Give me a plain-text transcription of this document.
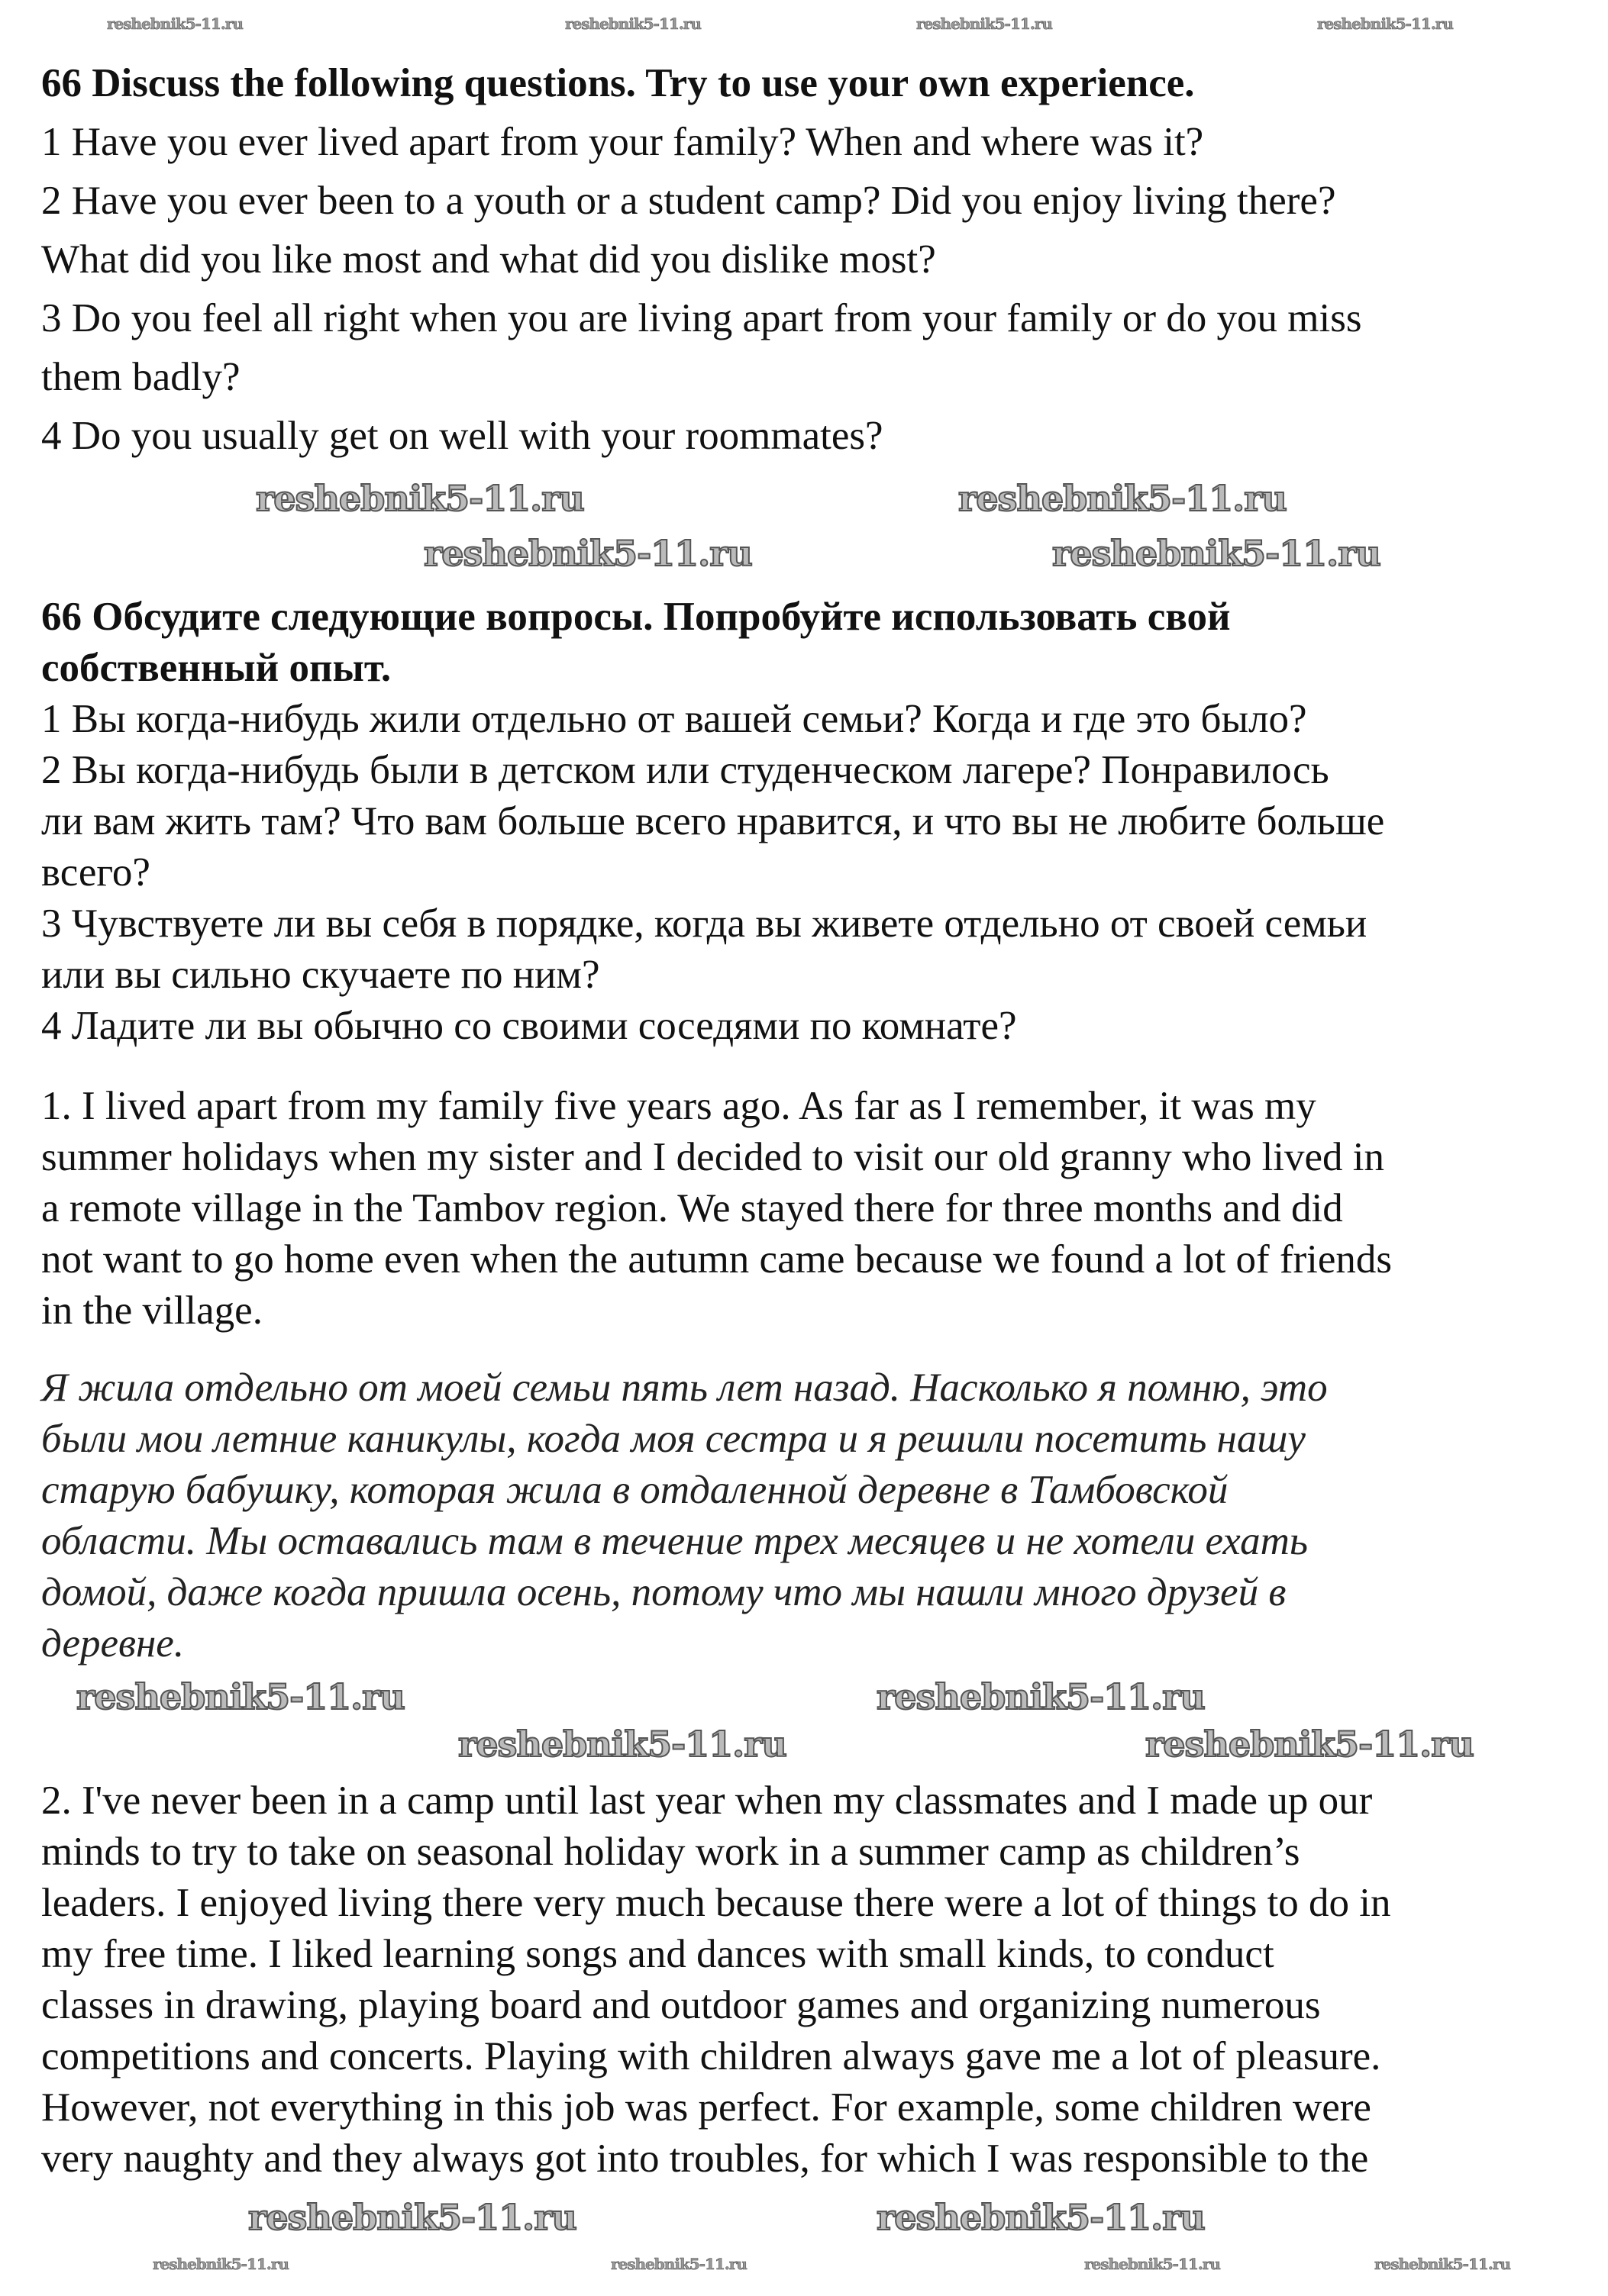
66 Discuss the following questions. Try to use your own experience.
1 Have you ever lived apart from your family? When and where was it?
2 Have you ever been to a youth or a student camp? Did you enjoy living there?
What did you like most and what did you dislike most?
3 Do you feel all right when you are living apart from your family or do you miss
them badly?
4 Do you usually get on well with your roommates?
66 Обсудите следующие вопросы. Попробуйте использовать свой
собственный опыт.
1 Вы когда-нибудь жили отдельно от вашей семьи? Когда и где это было?
2 Вы когда-нибудь были в детском или студенческом лагере? Понравилось
ли вам жить там? Что вам больше всего нравится, и что вы не любите больше
всего?
3 Чувствуете ли вы себя в порядке, когда вы живете отдельно от своей семьи
или вы сильно скучаете по ним?
4 Ладите ли вы обычно со своими соседями по комнате?
1. I lived apart from my family five years ago. As far as I remember, it was my
summer holidays when my sister and I decided to visit our old granny who lived in
a remote village in the Tambov region. We stayed there for three months and did
not want to go home even when the autumn came because we found a lot of friends
in the village.
Я жила отдельно от моей семьи пять лет назад. Насколько я помню, это
были мои летние каникулы, когда моя сестра и я решили посетить нашу
старую бабушку, которая жила в отдаленной деревне в Тамбовской
области. Мы оставались там в течение трех месяцев и не хотели ехать
домой, даже когда пришла осень, потому что мы нашли много друзей в
деревне.
2. I've never been in a camp until last year when my classmates and I made up our
minds to try to take on seasonal holiday work in a summer camp as children’s
leaders. I enjoyed living there very much because there were a lot of things to do in
my free time. I liked learning songs and dances with small kinds, to conduct
classes in drawing, playing board and outdoor games and organizing numerous
competitions and concerts. Playing with children always gave me a lot of pleasure.
However, not everything in this job was perfect. For example, some children were
very naughty and they always got into troubles, for which I was responsible to the
reshebnik5-11.ru	reshebnik5-11.ru	reshebnik5-11.ru	reshebnik5-11.ru
reshebnik5-11.ru	reshebnik5-11.ru
reshebnik5-11.ru	reshebnik5-11.ru
reshebnik5-11.ru	reshebnik5-11.ru
reshebnik5-11.ru	reshebnik5-11.ru
reshebnik5-11.ru	reshebnik5-11.ru
reshebnik5-11.ru	reshebnik5-11.ru	reshebnik5-11.ru	reshebnik5-11.ru
